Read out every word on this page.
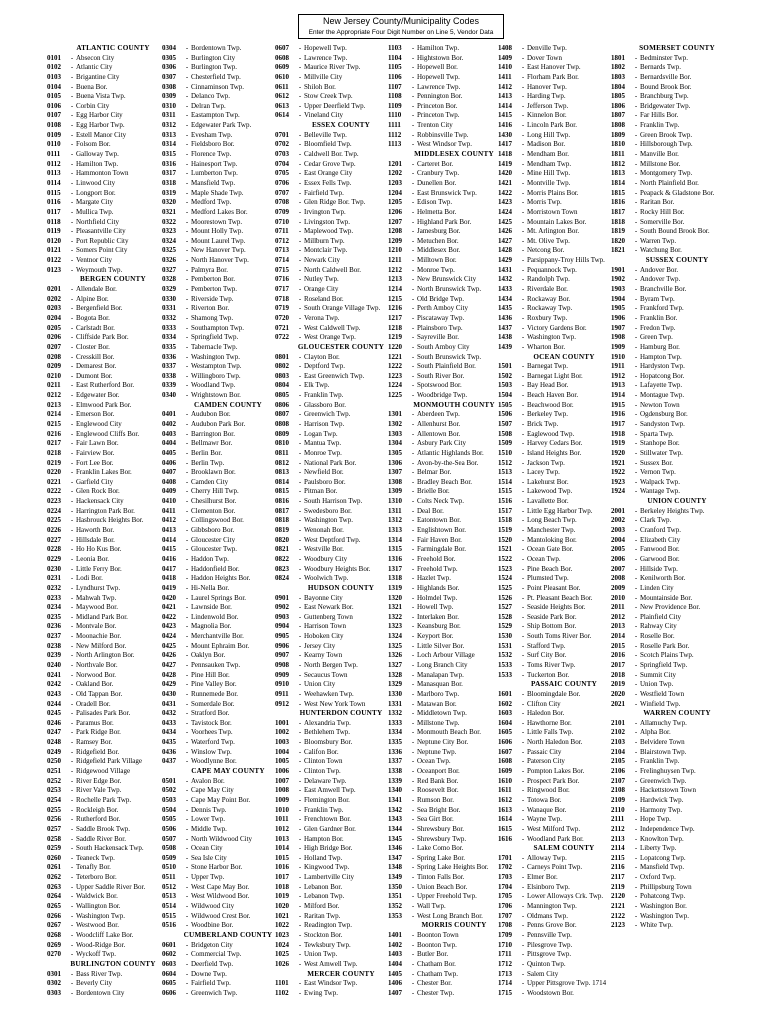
New Jersey County/Municipality Codes
Enter the Appropriate Four Digit Number on Line 5, Vendor Data
ATLANTIC COUNTY
0101 - Absecon City
0102 - Atlantic City
0103 - Brigantine City
0104 - Buena Bor.
0105 - Buena Vista Twp.
0106 - Corbin City
0107 - Egg Harbor City
0108 - Egg Harbor Twp.
0109 - Estell Manor City
0110 - Folsom Bor.
0111 - Galloway Twp.
0112 - Hamilton Twp.
0113 - Hammonton Town
0114 - Linwood City
0115 - Longport Bor.
0116 - Margate City
0117 - Mullica Twp.
0118 - Northfield City
0119 - Pleasantville City
0120 - Port Republic City
0121 - Somers Point City
0122 - Ventnor City
0123 - Weymouth Twp.
BERGEN COUNTY
0201 - Allendale Bor.
0202 - Alpine Bor.
0203 - Bergenfield Bor.
0204 - Bogota Bor.
0205 - Carlstadt Bor.
0206 - Cliffside Park Bor.
0207 - Closter Bor.
0208 - Cresskill Bor.
0209 - Demarest Bor.
0210 - Dumont Bor.
0211 - East Rutherford Bor.
0212 - Edgewater Bor.
0213 - Elmwood Park Bor.
0214 - Emerson Bor.
0215 - Englewood City
0216 - Englewood Cliffs Bor.
0217 - Fair Lawn Bor.
0218 - Fairview Bor.
0219 - Fort Lee Bor.
0220 - Franklin Lakes Bor.
0221 - Garfield City
0222 - Glen Rock Bor.
0223 - Hackensack City
0224 - Harrington Park Bor.
0225 - Hasbrouck Heights Bor.
0226 - Haworth Bor.
0227 - Hillsdale Bor.
0228 - Ho Ho Kus Bor.
0229 - Leonia Bor.
0230 - Little Ferry Bor.
0231 - Lodi Bor.
0232 - Lyndhurst Twp.
0233 - Mahwah Twp.
0234 - Maywood Bor.
0235 - Midland Park Bor.
0236 - Montvale Bor.
0237 - Moonachie Bor.
0238 - New Milford Bor.
0239 - North Arlington Bor.
0240 - Northvale Bor.
0241 - Norwood Bor.
0242 - Oakland Bor.
0243 - Old Tappan Bor.
0244 - Oradell Bor.
0245 - Palisades Park Bor.
0246 - Paramus Bor.
0247 - Park Ridge Bor.
0248 - Ramsey Bor.
0249 - Ridgefield Bor.
0250 - Ridgefield Park Village
0251 - Ridgewood Village
0252 - River Edge Bor.
0253 - River Vale Twp.
0254 - Rochelle Park Twp.
0255 - Rockleigh Bor.
0256 - Rutherford Bor.
0257 - Saddle Brook Twp.
0258 - Saddle River Bor.
0259 - South Hackensack Twp.
0260 - Teaneck Twp.
0261 - Tenafly Bor.
0262 - Teterboro Bor.
0263 - Upper Saddle River Bor.
0264 - Waldwick Bor.
0265 - Wallington Bor.
0266 - Washington Twp.
0267 - Westwood Bor.
0268 - Woodcliff Lake Bor.
0269 - Wood-Ridge Bor.
0270 - Wyckoff Twp.
BURLINGTON COUNTY
0301 - Bass River Twp.
0302 - Beverly City
0303 - Bordentown City
0304 - Bordentown Twp.
0305 - Burlington City
0306 - Burlington Twp.
0307 - Chesterfield Twp.
0308 - Cinnaminson Twp.
0309 - Delanco Twp.
0310 - Delran Twp.
0311 - Eastampton Twp.
0312 - Edgewater Park Twp.
0313 - Evesham Twp.
0314 - Fieldsboro Bor.
0315 - Florence Twp.
0316 - Hainesport Twp.
0317 - Lumberton Twp.
0318 - Mansfield Twp.
0319 - Maple Shade Twp.
0320 - Medford Twp.
0321 - Medford Lakes Bor.
0322 - Moorestown Twp.
0323 - Mount Holly Twp.
0324 - Mount Laurel Twp.
0325 - New Hanover Twp.
0326 - North Hanover Twp.
0327 - Palmyra Bor.
0328 - Pemberton Bor.
0329 - Pemberton Twp.
0330 - Riverside Twp.
0331 - Riverton Bor.
0332 - Shamong Twp.
0333 - Southampton Twp.
0334 - Springfield Twp.
0335 - Tabernacle Twp.
0336 - Washington Twp.
0337 - Westampton Twp.
0338 - Willingboro Twp.
0339 - Woodland Twp.
0340 - Wrightstown Bor.
CAMDEN COUNTY
0401 - Audubon Bor.
0402 - Audubon Park Bor.
0403 - Barrington Bor.
0404 - Bellmawr Bor.
0405 - Berlin Bor.
0406 - Berlin Twp.
0407 - Brooklawn Bor.
0408 - Camden City
0409 - Cherry Hill Twp.
0410 - Chesilhurst Bor.
0411 - Clementon Bor.
0412 - Collingswood Bor.
0413 - Gibbsboro Bor.
0414 - Gloucester City
0415 - Gloucester Twp.
0416 - Haddon Twp.
0417 - Haddonfield Bor.
0418 - Haddon Heights Bor.
0419 - Hi-Nella Bor.
0420 - Laurel Springs Bor.
0421 - Lawnside Bor.
0422 - Lindenwold Bor.
0423 - Magnolia Bor.
0424 - Merchantville Bor.
0425 - Mount Ephraim Bor.
0426 - Oaklyn Bor.
0427 - Pennsauken Twp.
0428 - Pine Hill Bor.
0429 - Pine Valley Bor.
0430 - Runnemede Bor.
0431 - Somerdale Bor.
0432 - Stratford Bor.
0433 - Tavistock Bor.
0434 - Voorhees Twp.
0435 - Waterford Twp.
0436 - Winslow Twp.
0437 - Woodlynne Bor.
CAPE MAY COUNTY
0501 - Avalon Bor.
0502 - Cape May City
0503 - Cape May Point Bor.
0504 - Dennis Twp.
0505 - Lower Twp.
0506 - Middle Twp.
0507 - North Wildwood City
0508 - Ocean City
0509 - Sea Isle City
0510 - Stone Harbor Bor.
0511 - Upper Twp.
0512 - West Cape May Bor.
0513 - West Wildwood Bor.
0514 - Wildwood City
0515 - Wildwood Crest Bor.
0516 - Woodbine Bor.
CUMBERLAND COUNTY
0601 - Bridgeton City
0602 - Commercial Twp.
0603 - Deerfield Twp.
0604 - Downe Twp.
0605 - Fairfield Twp.
0606 - Greenwich Twp.
0607 - Hopewell Twp.
0608 - Lawrence Twp.
0609 - Maurice River Twp.
0610 - Millville City
0611 - Shiloh Bor.
0612 - Stow Creek Twp.
0613 - Upper Deerfield Twp.
0614 - Vineland City
ESSEX COUNTY
0701 - Belleville Twp.
0702 - Bloomfield Twp.
0703 - Caldwell Bor. Twp.
0704 - Cedar Grove Twp.
0705 - East Orange City
0706 - Essex Fells Twp.
0707 - Fairfield Twp.
0708 - Glen Ridge Bor. Twp.
0709 - Irvington Twp.
0710 - Livingston Twp.
0711 - Maplewood Twp.
0712 - Millburn Twp.
0713 - Montclair Twp.
0714 - Newark City
0715 - North Caldwell Bor.
0716 - Nutley Twp.
0717 - Orange City
0718 - Roseland Bor.
0719 - South Orange Village Twp.
0720 - Verona Twp.
0721 - West Caldwell Twp.
0722 - West Orange Twp.
GLOUCESTER COUNTY
0801 - Clayton Bor.
0802 - Deptford Twp.
0803 - East Greenwich Twp.
0804 - Elk Twp.
0805 - Franklin Twp.
0806 - Glassboro Bor.
0807 - Greenwich Twp.
0808 - Harrison Twp.
0809 - Logan Twp.
0810 - Mantua Twp.
0811 - Monroe Twp.
0812 - National Park Bor.
0813 - Newfield Bor.
0814 - Paulsboro Bor.
0815 - Pitman Bor.
0816 - South Harrison Twp.
0817 - Swedesboro Bor.
0818 - Washington Twp.
0819 - Wenonah Bor.
0820 - West Deptford Twp.
0821 - Westville Bor.
0822 - Woodbury City
0823 - Woodbury Heights Bor.
0824 - Woolwich Twp.
HUDSON COUNTY
0901 - Bayonne City
0902 - East Newark Bor.
0903 - Guttenberg Town
0904 - Harrison Town
0905 - Hoboken City
0906 - Jersey City
0907 - Kearny Town
0908 - North Bergen Twp.
0909 - Secaucus Town
0910 - Union City
0911 - Weehawken Twp.
0912 - West New York Town
HUNTERDON COUNTY
1001 - Alexandria Twp.
1002 - Bethlehem Twp.
1003 - Bloomsbury Bor.
1004 - Califon Bor.
1005 - Clinton Town
1006 - Clinton Twp.
1007 - Delaware Twp.
1008 - East Amwell Twp.
1009 - Flemington Bor.
1010 - Franklin Twp.
1011 - Frenchtown Bor.
1012 - Glen Gardner Bor.
1013 - Hampton Bor.
1014 - High Bridge Bor.
1015 - Holland Twp.
1016 - Kingwood Twp.
1017 - Lambertville City
1018 - Lebanon Bor.
1019 - Lebanon Twp.
1020 - Milford Bor.
1021 - Raritan Twp.
1022 - Readington Twp.
1023 - Stockton Bor.
1024 - Tewksbury Twp.
1025 - Union Twp.
1026 - West Amwell Twp.
MERCER COUNTY
1101 - East Windsor Twp.
1102 - Ewing Twp.
1103 - Hamilton Twp.
1104 - Hightstown Bor.
1105 - Hopewell Bor.
1106 - Hopewell Twp.
1107 - Lawrence Twp.
1108 - Pennington Bor.
1109 - Princeton Bor.
1110 - Princeton Twp.
1111 - Trenton City
1112 - Robbinsville Twp.
1113 - West Windsor Twp.
MIDDLESEX COUNTY
1201 - Carteret Bor.
1202 - Cranbury Twp.
1203 - Dunellen Bor.
1204 - East Brunswick Twp.
1205 - Edison Twp.
1206 - Helmetta Bor.
1207 - Highland Park Bor.
1208 - Jamesburg Bor.
1209 - Metuchen Bor.
1210 - Middlesex Bor.
1211 - Milltown Bor.
1212 - Monroe Twp.
1213 - New Brunswick City
1214 - North Brunswick Twp.
1215 - Old Bridge Twp.
1216 - Perth Amboy City
1217 - Piscataway Twp.
1218 - Plainsboro Twp.
1219 - Sayreville Bor.
1220 - South Amboy City
1221 - South Brunswick Twp.
1222 - South Plainfield Bor.
1223 - South River Bor.
1224 - Spotswood Bor.
1225 - Woodbridge Twp.
MONMOUTH COUNTY
1301 - Aberdeen Twp.
1302 - Allenhurst Bor.
1303 - Allentown Bor.
1304 - Asbury Park City
1305 - Atlantic Highlands Bor.
1306 - Avon-by-the-Sea Bor.
1307 - Belmar Bor.
1308 - Bradley Beach Bor.
1309 - Brielle Bor.
1310 - Colts Neck Twp.
1311 - Deal Bor.
1312 - Eatontown Bor.
1313 - Englishtown Bor.
1314 - Fair Haven Bor.
1315 - Farmingdale Bor.
1316 - Freehold Bor.
1317 - Freehold Twp.
1318 - Hazlet Twp.
1319 - Highlands Bor.
1320 - Holmdel Twp.
1321 - Howell Twp.
1322 - Interlaken Bor.
1323 - Keansburg Bor.
1324 - Keyport Bor.
1325 - Little Silver Bor.
1326 - Loch Arbour Village
1327 - Long Branch City
1328 - Manalapan Twp.
1329 - Manasquan Bor.
1330 - Marlboro Twp.
1331 - Matawan Bor.
1332 - Middletown Twp.
1333 - Millstone Twp.
1334 - Monmouth Beach Bor.
1335 - Neptune City Bor.
1336 - Neptune Twp.
1337 - Ocean Twp.
1338 - Oceanport Bor.
1339 - Red Bank Bor.
1340 - Roosevelt Bor.
1341 - Rumson Bor.
1342 - Sea Bright Bor.
1343 - Sea Girt Bor.
1344 - Shrewsbury Bor.
1345 - Shrewsbury Twp.
1346 - Lake Como Bor.
1347 - Spring Lake Bor.
1348 - Spring Lake Heights Bor.
1349 - Tinton Falls Bor.
1350 - Union Beach Bor.
1351 - Upper Freehold Twp.
1352 - Wall Twp.
1353 - West Long Branch Bor.
MORRIS COUNTY
1401 - Boonton Town
1402 - Boonton Twp.
1403 - Butler Bor.
1404 - Chatham Bor.
1405 - Chatham Twp.
1406 - Chester Bor.
1407 - Chester Twp.
1408 - Denville Twp.
1409 - Dover Town
1410 - East Hanover Twp.
1411 - Florham Park Bor.
1412 - Hanover Twp.
1413 - Harding Twp.
1414 - Jefferson Twp.
1415 - Kinnelon Bor.
1416 - Lincoln Park Bor.
1430 - Long Hill Twp.
1417 - Madison Bor.
1418 - Mendham Bor.
1419 - Mendham Twp.
1420 - Mine Hill Twp.
1421 - Montville Twp.
1422 - Morris Plains Bor.
1423 - Morris Twp.
1424 - Morristown Town
1425 - Mountain Lakes Bor.
1426 - Mt. Arlington Bor.
1427 - Mt. Olive Twp.
1428 - Netcong Bor.
1429 - Parsippany-Troy Hills Twp.
1431 - Pequannock Twp.
1432 - Randolph Twp.
1433 - Riverdale Bor.
1434 - Rockaway Bor.
1435 - Rockaway Twp.
1436 - Roxbury Twp.
1437 - Victory Gardens Bor.
1438 - Washington Twp.
1439 - Wharton Bor.
OCEAN COUNTY
1501 - Barnegat Twp.
1502 - Barnegat Light Bor.
1503 - Bay Head Bor.
1504 - Beach Haven Bor.
1505 - Beachwood Bor.
1506 - Berkeley Twp.
1507 - Brick Twp.
1508 - Eaglewood Twp.
1509 - Harvey Cedars Bor.
1510 - Island Heights Bor.
1512 - Jackson Twp.
1513 - Lacey Twp.
1514 - Lakehurst Bor.
1515 - Lakewood Twp.
1516 - Lavallette Bor.
1517 - Little Egg Harbor Twp.
1518 - Long Beach Twp.
1519 - Manchester Twp.
1520 - Mantoloking Bor.
1521 - Ocean Gate Bor.
1522 - Ocean Twp.
1523 - Pine Beach Bor.
1524 - Plumsted Twp.
1525 - Point Pleasant Bor.
1526 - Pt. Pleasant Beach Bor.
1527 - Seaside Heights Bor.
1528 - Seaside Park Bor.
1529 - Ship Bottom Bor.
1530 - South Toms River Bor.
1531 - Stafford Twp.
1532 - Surf City Bor.
1533 - Toms River Twp.
1533 - Tuckerton Bor.
PASSAIC COUNTY
1601 - Bloomingdale Bor.
1602 - Clifton City
1603 - Haledon Bor.
1604 - Hawthorne Bor.
1605 - Little Falls Twp.
1606 - North Haledon Bor.
1607 - Passaic City
1608 - Paterson City
1609 - Pompton Lakes Bor.
1610 - Prospect Park Bor.
1611 - Ringwood Bor.
1612 - Totowa Bor.
1613 - Wanaque Bor.
1614 - Wayne Twp.
1615 - West Milford Twp.
1616 - Woodland Park Bor.
SALEM COUNTY
1701 - Alloway Twp.
1702 - Carneys Point Twp.
1703 - Elmer Bor.
1704 - Elsinboro Twp.
1705 - Lower Alloways Crk. Twp.
1706 - Mannington Twp.
1707 - Oldmans Twp.
1708 - Penns Grove Bor.
1709 - Pennsville Twp.
1710 - Pilesgrove Twp.
1711 - Pittsgrove Twp.
1712 - Quinton Twp.
1713 - Salem City
1714 - Upper Pittsgrove Twp. 1714
1715 - Woodstown Bor.
SOMERSET COUNTY
1801 - Bedminster Twp.
1802 - Bernards Twp.
1803 - Bernardsville Bor.
1804 - Bound Brook Bor.
1805 - Branchburg Twp.
1806 - Bridgewater Twp.
1807 - Far Hills Bor.
1808 - Franklin Twp.
1809 - Green Brook Twp.
1810 - Hillsborough Twp.
1811 - Manville Bor.
1812 - Millstone Bor.
1813 - Montgomery Twp.
1814 - North Plainfield Bor.
1815 - Peapack & Gladstone Bor.
1816 - Raritan Bor.
1817 - Rocky Hill Bor.
1818 - Somerville Bor.
1819 - South Bound Brook Bor.
1820 - Warren Twp.
1821 - Watchung Bor.
SUSSEX COUNTY
1901 - Andover Bor.
1902 - Andover Twp.
1903 - Branchville Bor.
1904 - Byram Twp.
1905 - Frankford Twp.
1906 - Franklin Bor.
1907 - Fredon Twp.
1908 - Green Twp.
1909 - Hamburg Bor.
1910 - Hampton Twp.
1911 - Hardyston Twp.
1912 - Hopatcong Bor.
1913 - Lafayette Twp.
1914 - Montague Twp.
1915 - Newton Town
1916 - Ogdensburg Bor.
1917 - Sandyston Twp.
1918 - Sparta Twp.
1919 - Stanhope Bor.
1920 - Stillwater Twp.
1921 - Sussex Bor.
1922 - Vernon Twp.
1923 - Walpack Twp.
1924 - Wantage Twp.
UNION COUNTY
2001 - Berkeley Heights Twp.
2002 - Clark Twp.
2003 - Cranford Twp.
2004 - Elizabeth City
2005 - Fanwood Bor.
2006 - Garwood Bor.
2007 - Hillside Twp.
2008 - Kenilworth Bor.
2009 - Linden City
2010 - Mountainside Bor.
2011 - New Providence Bor.
2012 - Plainfield City
2013 - Rahway City
2014 - Roselle Bor.
2015 - Roselle Park Bor.
2016 - Scotch Plains Twp.
2017 - Springfield Twp.
2018 - Summit City
2019 - Union Twp.
2020 - Westfield Town
2021 - Winfield Twp.
WARREN COUNTY
2101 - Allamuchy Twp.
2102 - Alpha Bor.
2103 - Belvidere Town
2104 - Blairstown Twp.
2105 - Franklin Twp.
2106 - Frelinghuysen Twp.
2107 - Greenwich Twp.
2108 - Hackettstown Town
2109 - Hardwick Twp.
2110 - Harmony Twp.
2111 - Hope Twp.
2112 - Independence Twp.
2113 - Knowlton Twp.
2114 - Liberty Twp.
2115 - Lopatcong Twp.
2116 - Mansfield Twp.
2117 - Oxford Twp.
2119 - Phillipsburg Town
2120 - Pohatcong Twp.
2121 - Washington Bor.
2122 - Washington Twp.
2123 - White Twp.
